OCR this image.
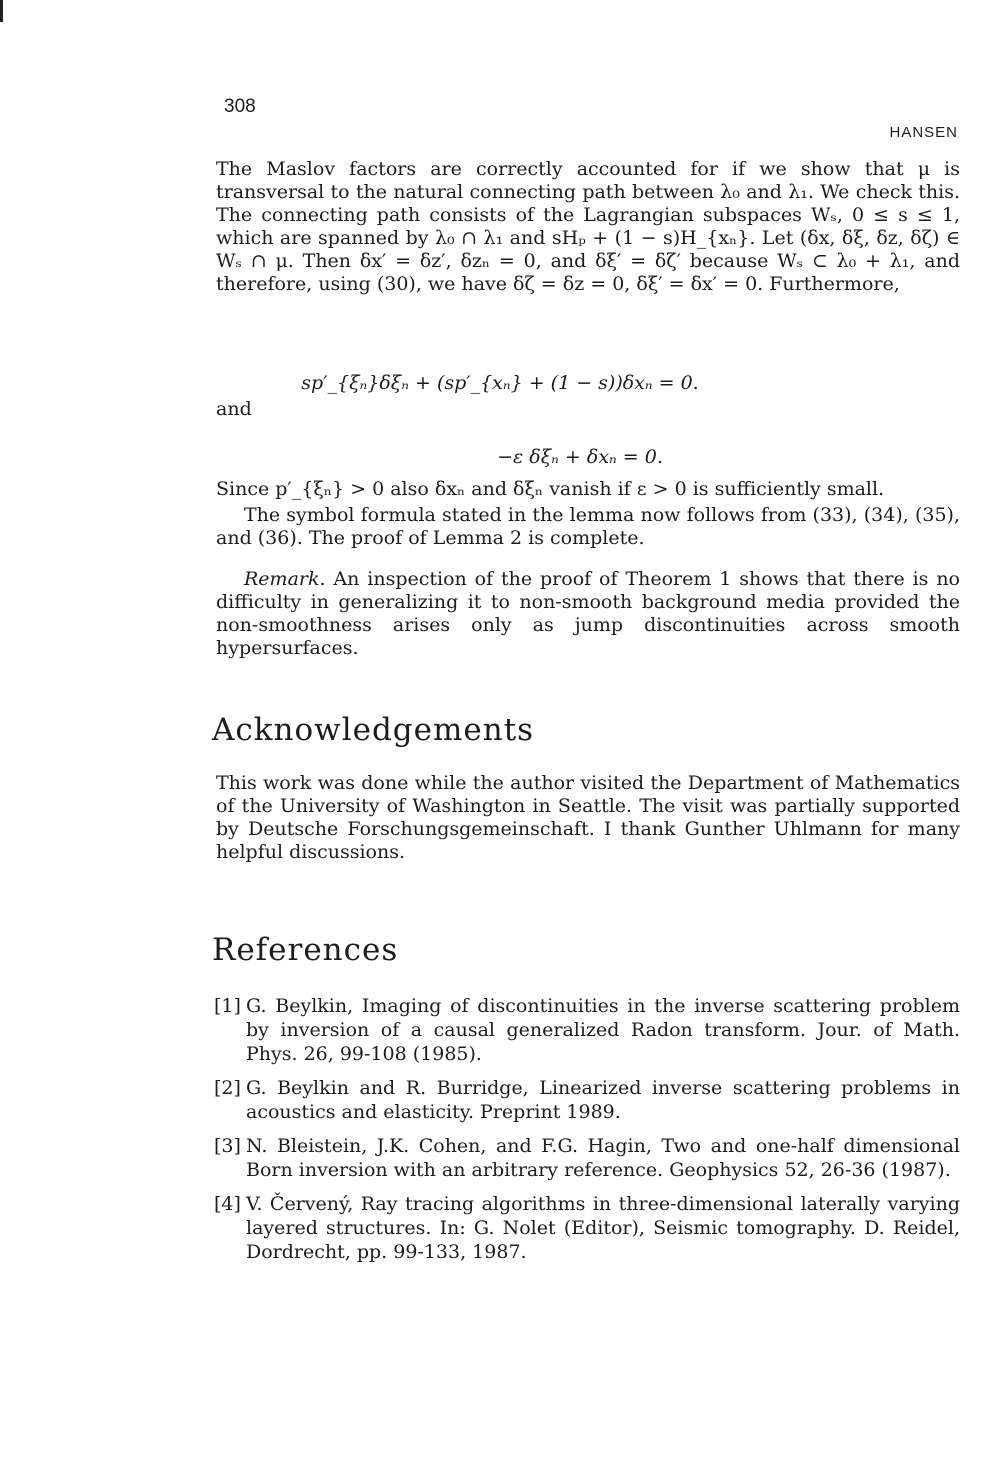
308
HANSEN

The Maslov factors are correctly accounted for if we show that μ is transversal to the natural connecting path between λ₀ and λ₁. We check this. The connecting path consists of the Lagrangian subspaces Wₛ, 0 ≤ s ≤ 1, which are spanned by λ₀ ∩ λ₁ and sHₚ + (1 − s)H_{xₙ}. Let (δx, δξ, δz, δζ) ∈ Wₛ ∩ μ. Then δx′ = δz′, δzₙ = 0, and δξ′ = δζ′ because Wₛ ⊂ λ₀ + λ₁, and therefore, using (30), we have δζ = δz = 0, δξ′ = δx′ = 0. Furthermore,

sp′_{ξₙ}δξₙ + (sp′_{xₙ} + (1 − s))δxₙ = 0.
and
−ε δξₙ + δxₙ = 0.

Since p′_{ξₙ} > 0 also δxₙ and δξₙ vanish if ε > 0 is sufficiently small.

The symbol formula stated in the lemma now follows from (33), (34), (35), and (36). The proof of Lemma 2 is complete.

Remark. An inspection of the proof of Theorem 1 shows that there is no difficulty in generalizing it to non-smooth background media provided the non-smoothness arises only as jump discontinuities across smooth hypersurfaces.

Acknowledgements

This work was done while the author visited the Department of Mathematics of the University of Washington in Seattle. The visit was partially supported by Deutsche Forschungsgemeinschaft. I thank Gunther Uhlmann for many helpful discussions.

References
[1] G. Beylkin, Imaging of discontinuities in the inverse scattering problem by inversion of a causal generalized Radon transform. Jour. of Math. Phys. 26, 99-108 (1985).
[2] G. Beylkin and R. Burridge, Linearized inverse scattering problems in acoustics and elasticity. Preprint 1989.
[3] N. Bleistein, J.K. Cohen, and F.G. Hagin, Two and one-half dimensional Born inversion with an arbitrary reference. Geophysics 52, 26-36 (1987).
[4] V. Červený, Ray tracing algorithms in three-dimensional laterally varying layered structures. In: G. Nolet (Editor), Seismic tomography. D. Reidel, Dordrecht, pp. 99-133, 1987.
